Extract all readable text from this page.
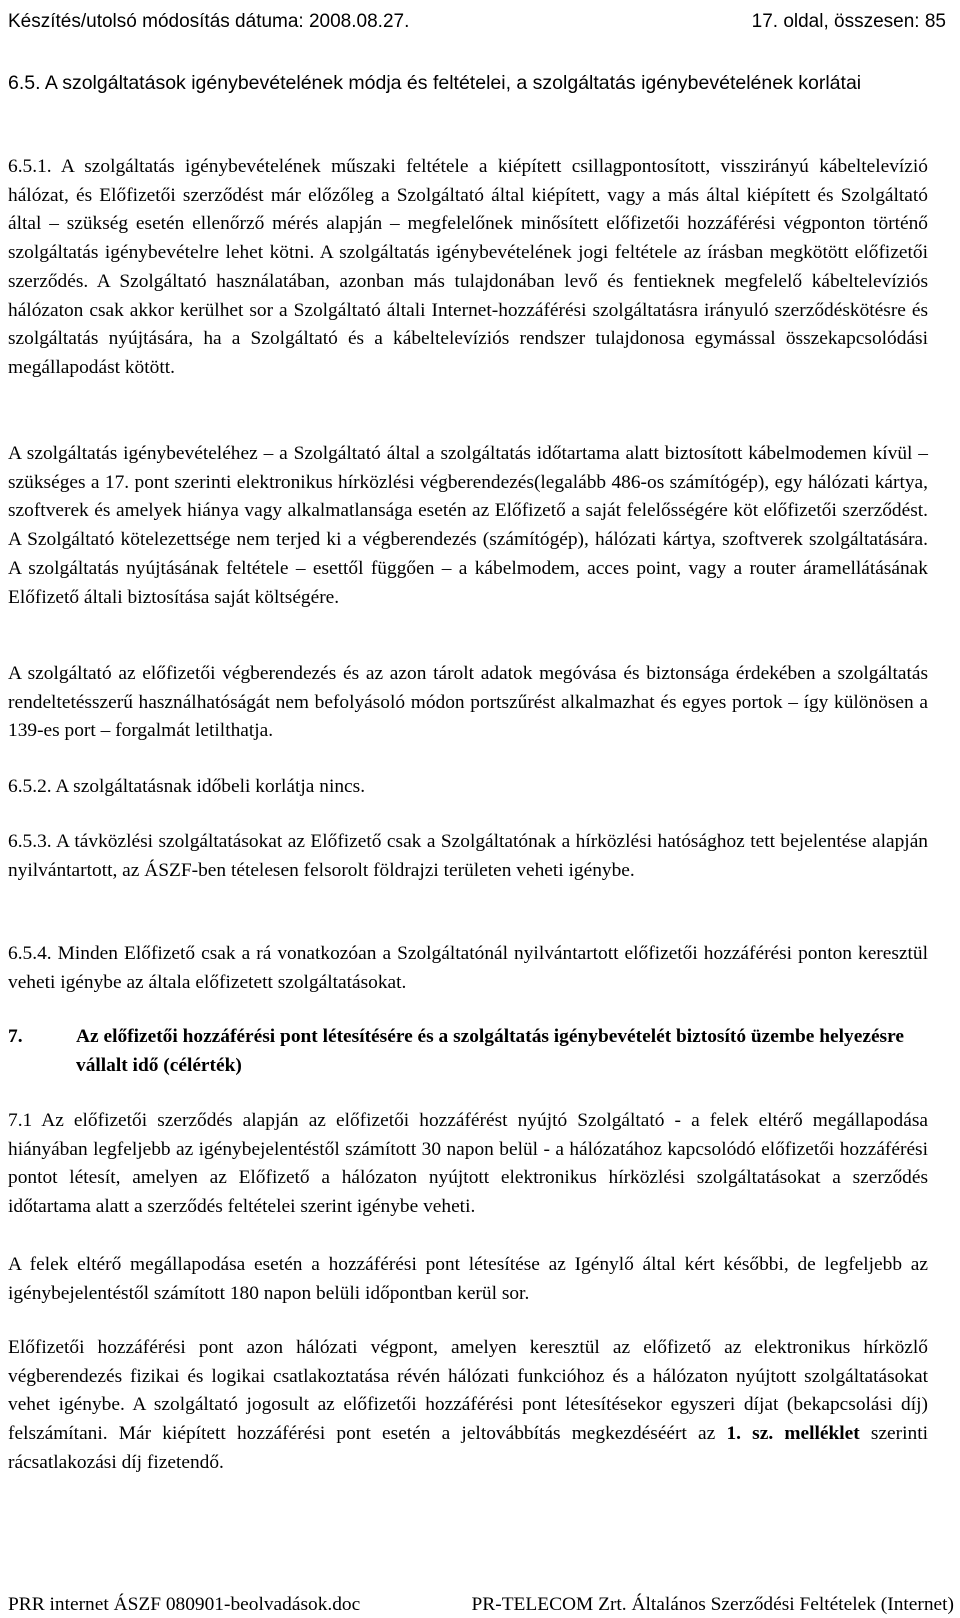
Készítés/utolsó módosítás dátuma: 2008.08.27.	17. oldal, összesen: 85
6.5. A szolgáltatások igénybevételének módja és feltételei, a szolgáltatás igénybevételének korlátai

6.5.1. A szolgáltatás igénybevételének műszaki feltétele a kiépített csillagpontosított, visszirányú kábeltelevízió hálózat, és Előfizetői szerződést már előzőleg a Szolgáltató által kiépített, vagy a más által kiépített és Szolgáltató által – szükség esetén ellenőrző mérés alapján – megfelelőnek minősített előfizetői hozzáférési végponton történő szolgáltatás igénybevételre lehet kötni. A szolgáltatás igénybevételének jogi feltétele az írásban megkötött előfizetői szerződés. A Szolgáltató használatában, azonban más tulajdonában levő és fentieknek megfelelő kábeltelevíziós hálózaton csak akkor kerülhet sor a Szolgáltató általi Internet-hozzáférési szolgáltatásra irányuló szerződéskötésre és szolgáltatás nyújtására, ha a Szolgáltató és a kábeltelevíziós rendszer tulajdonosa egymással összekapcsolódási megállapodást kötött.

A szolgáltatás igénybevételéhez – a Szolgáltató által a szolgáltatás időtartama alatt biztosított kábelmodemen kívül – szükséges a 17. pont szerinti elektronikus hírközlési végberendezés(legalább 486-os számítógép), egy hálózati kártya, szoftverek és amelyek hiánya vagy alkalmatlansága esetén az Előfizető a saját felelősségére köt előfizetői szerződést. A Szolgáltató kötelezettsége nem terjed ki a végberendezés (számítógép), hálózati kártya, szoftverek szolgáltatására. A szolgáltatás nyújtásának feltétele – esettől függően – a kábelmodem, acces point, vagy a router áramellátásának Előfizető általi biztosítása saját költségére.

A szolgáltató az előfizetői végberendezés és az azon tárolt adatok megóvása és biztonsága érdekében a szolgáltatás rendeltetésszerű használhatóságát nem befolyásoló módon portszűrést alkalmazhat és egyes portok – így különösen a 139-es port – forgalmát letilthatja.

6.5.2. A szolgáltatásnak időbeli korlátja nincs.

6.5.3. A távközlési szolgáltatásokat az Előfizető csak a Szolgáltatónak a hírközlési hatósághoz tett bejelentése alapján nyilvántartott, az ÁSZF-ben tételesen felsorolt földrajzi területen veheti igénybe.

6.5.4. Minden Előfizető csak a rá vonatkozóan a Szolgáltatónál nyilvántartott előfizetői hozzáférési ponton keresztül veheti igénybe az általa előfizetett szolgáltatásokat.

7.	Az előfizetői hozzáférési pont létesítésére és a szolgáltatás igénybevételét biztosító üzembe helyezésre vállalt idő (célérték)

7.1 Az előfizetői szerződés alapján az előfizetői hozzáférést nyújtó Szolgáltató - a felek eltérő megállapodása hiányában legfeljebb az igénybejelentéstől számított 30 napon belül - a hálózatához kapcsolódó előfizetői hozzáférési pontot létesít, amelyen az Előfizető a hálózaton nyújtott elektronikus hírközlési szolgáltatásokat a szerződés időtartama alatt a szerződés feltételei szerint igénybe veheti.

A felek eltérő megállapodása esetén a hozzáférési pont létesítése az Igénylő által kért későbbi, de legfeljebb az igénybejelentéstől számított 180 napon belüli időpontban kerül sor.

Előfizetői hozzáférési pont azon hálózati végpont, amelyen keresztül az előfizető az elektronikus hírközlő végberendezés fizikai és logikai csatlakoztatása révén hálózati funkcióhoz és a hálózaton nyújtott szolgáltatásokat vehet igénybe. A szolgáltató jogosult az előfizetői hozzáférési pont létesítésekor egyszeri díjat (bekapcsolási díj) felszámítani. Már kiépített hozzáférési pont esetén a jeltovábbítás megkezdéséért az 1. sz. melléklet szerinti rácsatlakozási díj fizetendő.

PRR internet ÁSZF 080901-beolvadások.doc	PR-TELECOM Zrt. Általános Szerződési Feltételek (Internet)
